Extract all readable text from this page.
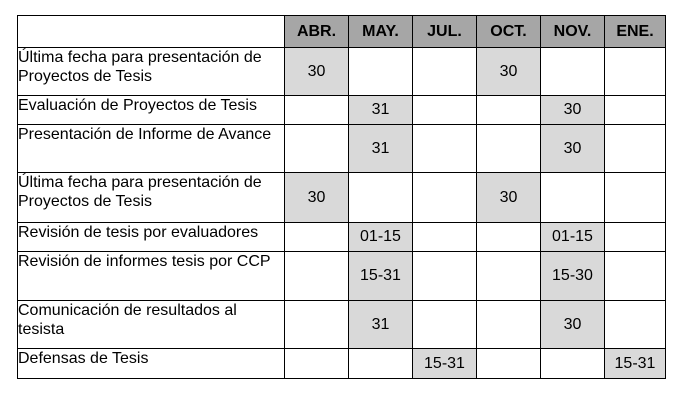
	ABR.	MAY.	JUL.	OCT.	NOV.	ENE.
Última fecha para presentación de Proyectos de Tesis	30			30		
Evaluación de Proyectos de Tesis		31			30	
Presentación de Informe de Avance		31			30	
Última fecha para presentación de Proyectos de Tesis	30			30		
Revisión de tesis por evaluadores		01-15			01-15	
Revisión de informes tesis por CCP		15-31			15-30	
Comunicación de resultados al tesista		31			30	
Defensas de Tesis			15-31			15-31
